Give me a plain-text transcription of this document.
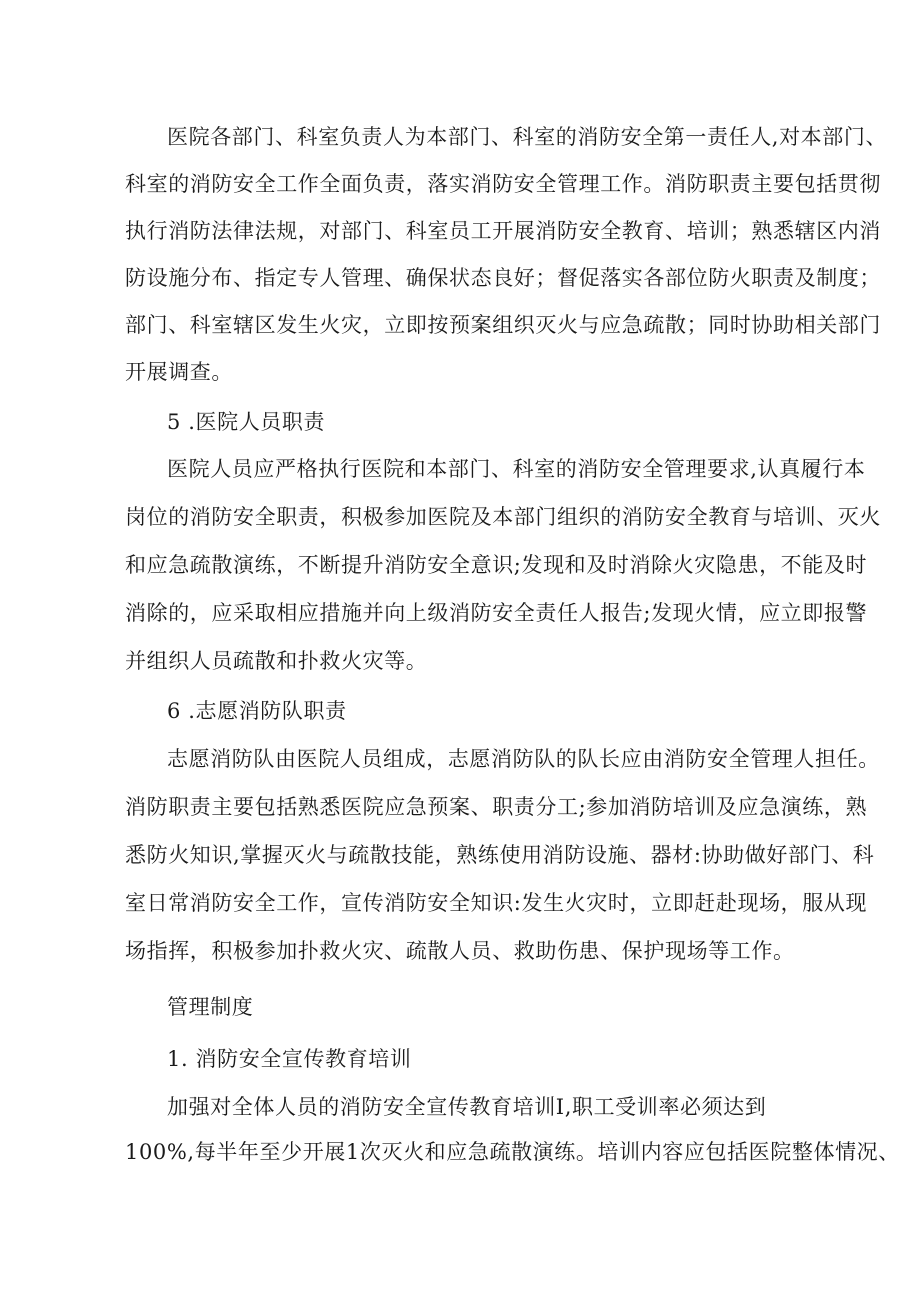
医院各部门、科室负责人为本部门、科室的消防安全第一责任人,对本部门、
科室的消防安全工作全面负责，落实消防安全管理工作。消防职责主要包括贯彻
执行消防法律法规，对部门、科室员工开展消防安全教育、培训；熟悉辖区内消
防设施分布、指定专人管理、确保状态良好；督促落实各部位防火职责及制度；
部门、科室辖区发生火灾，立即按预案组织灭火与应急疏散；同时协助相关部门
开展调查。
5 .医院人员职责
医院人员应严格执行医院和本部门、科室的消防安全管理要求,认真履行本
岗位的消防安全职责，积极参加医院及本部门组织的消防安全教育与培训、灭火
和应急疏散演练，不断提升消防安全意识;发现和及时消除火灾隐患，不能及时
消除的，应采取相应措施并向上级消防安全责任人报告;发现火情，应立即报警
并组织人员疏散和扑救火灾等。
6 .志愿消防队职责
志愿消防队由医院人员组成，志愿消防队的队长应由消防安全管理人担任。
消防职责主要包括熟悉医院应急预案、职责分工;参加消防培训及应急演练，熟
悉防火知识,掌握灭火与疏散技能，熟练使用消防设施、器材:协助做好部门、科
室日常消防安全工作，宣传消防安全知识:发生火灾时，立即赶赴现场，服从现
场指挥，积极参加扑救火灾、疏散人员、救助伤患、保护现场等工作。
管理制度
1. 消防安全宣传教育培训
加强对全体人员的消防安全宣传教育培训I,职工受训率必须达到
100%,每半年至少开展1次灭火和应急疏散演练。培训内容应包括医院整体情况、
